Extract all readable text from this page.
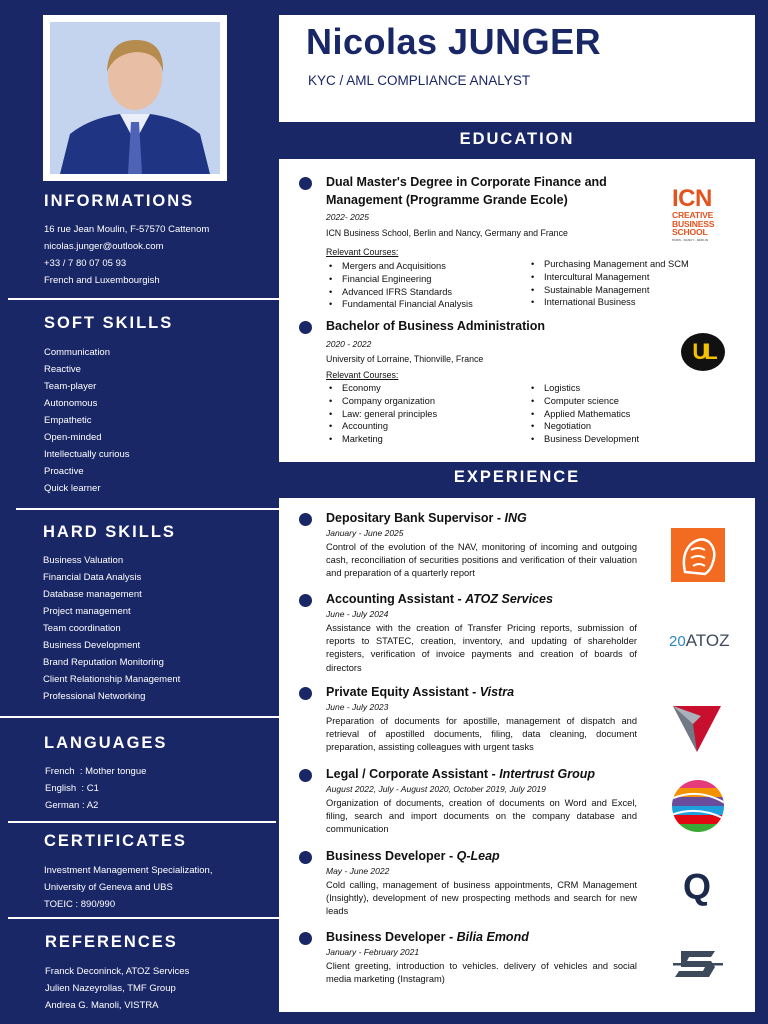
INFORMATIONS
16 rue Jean Moulin, F-57570 Cattenom
nicolas.junger@outlook.com
+33 / 7 80 07 05 93
French and Luxembourgish
SOFT SKILLS
Communication
Reactive
Team-player
Autonomous
Empathetic
Open-minded
Intellectually curious
Proactive
Quick learner
HARD SKILLS
Business Valuation
Financial Data Analysis
Database management
Project management
Team coordination
Business Development
Brand Reputation Monitoring
Client Relationship Management
Professional Networking
LANGUAGES
French  : Mother tongue
English  : C1
German : A2
CERTIFICATES
Investment Management Specialization,
University of Geneva and UBS
TOEIC : 890/990
REFERENCES
Franck Deconinck, ATOZ Services
Julien Nazeyrollas, TMF Group
Andrea G. Manoli, VISTRA
Nicolas JUNGER
KYC / AML COMPLIANCE ANALYST
EDUCATION
Dual Master's Degree in Corporate Finance and Management (Programme Grande Ecole)
2022- 2025
ICN Business School, Berlin and Nancy, Germany and France
Relevant Courses:
• Mergers and Acquisitions
• Financial Engineering
• Advanced IFRS Standards
• Fundamental Financial Analysis
• Purchasing Management and SCM
• Intercultural Management
• Sustainable Management
• International Business
ICN
CREATIVE
BUSINESS
SCHOOL
PARIS · NANCY · BERLIN
Bachelor of Business Administration
2020 - 2022
University of Lorraine, Thionville, France
Relevant Courses:
• Economy
• Company organization
• Law: general principles
• Accounting
• Marketing
• Logistics
• Computer science
• Applied Mathematics
• Negotiation
• Business Development
UL
EXPERIENCE
Depositary Bank Supervisor - ING
January - June 2025
Control of the evolution of the NAV, monitoring of incoming and outgoing cash, reconciliation of securities positions and verification of their valuation and preparation of a quarterly report
Accounting Assistant - ATOZ Services
June - July 2024
Assistance with the creation of Transfer Pricing reports, submission of reports to STATEC, creation, inventory, and updating of shareholder registers, verification of invoice payments and creation of boards of directors
20ATOZ
Private Equity Assistant - Vistra
June - July 2023
Preparation of documents for apostille, management of dispatch and retrieval of apostilled documents, filing, data cleaning, document preparation, assisting colleagues with urgent tasks
Legal / Corporate Assistant - Intertrust Group
August 2022, July - August 2020, October 2019, July 2019
Organization of documents, creation of documents on Word and Excel, filing, search and import documents on the company database and communication
Business Developer - Q-Leap
May - June 2022
Cold calling, management of business appointments, CRM Management (Insightly), development of new prospecting methods and search for new leads
Q
Business Developer - Bilia Emond
January - February 2021
Client greeting, introduction to vehicles. delivery of vehicles and social media marketing (Instagram)
